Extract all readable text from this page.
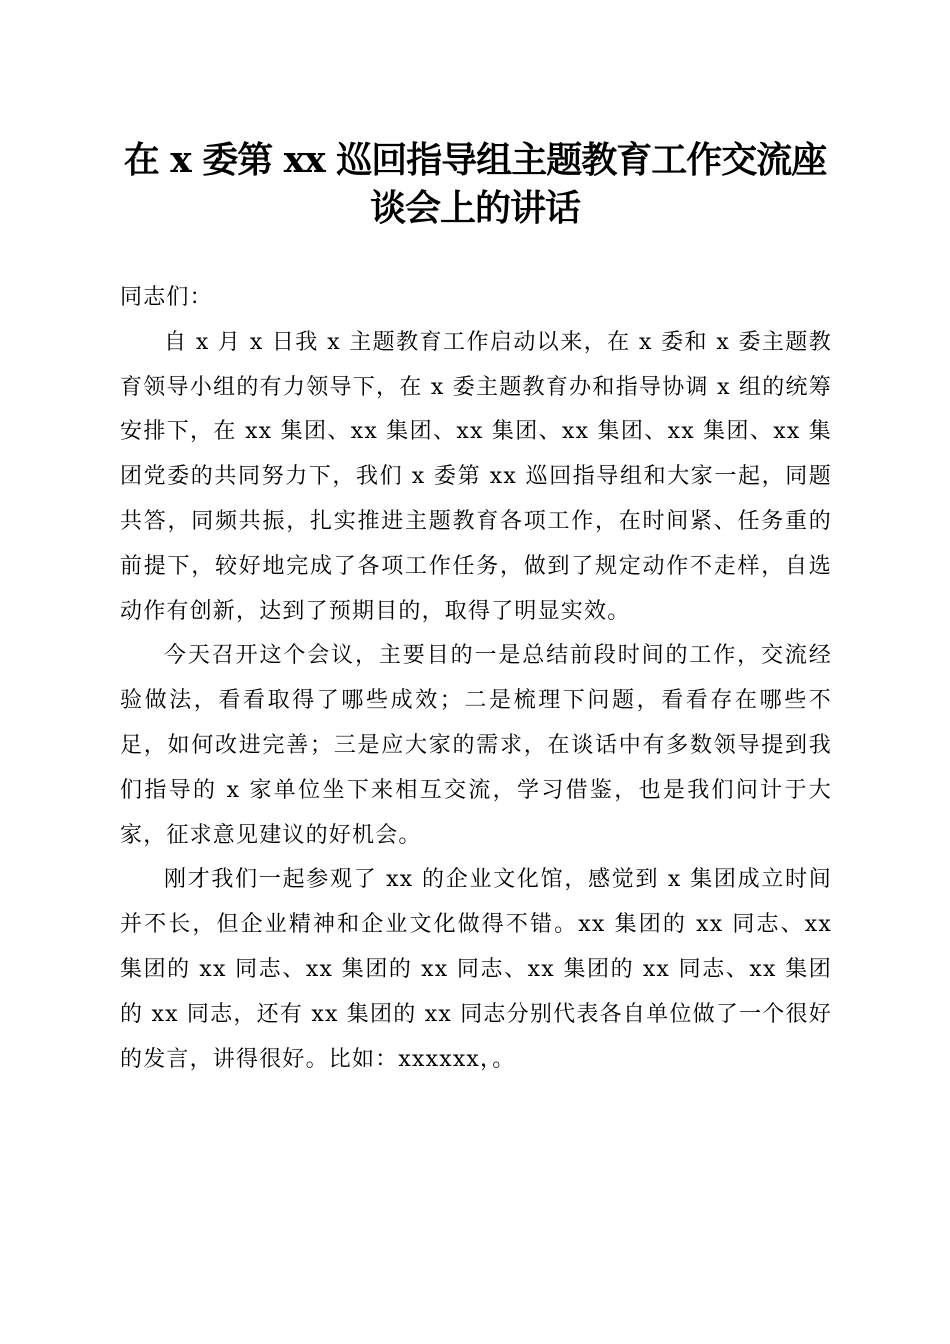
在 x 委第 xx 巡回指导组主题教育工作交流座
谈会上的讲话

同志们：

自 x 月 x 日我 x 主题教育工作启动以来，在 x 委和 x 委主题教育领导小组的有力领导下，在 x 委主题教育办和指导协调 x 组的统筹安排下，在 xx 集团、xx 集团、xx 集团、xx 集团、xx 集团、xx 集团党委的共同努力下，我们 x 委第 xx 巡回指导组和大家一起，同题共答，同频共振，扎实推进主题教育各项工作，在时间紧、任务重的前提下，较好地完成了各项工作任务，做到了规定动作不走样，自选动作有创新，达到了预期目的，取得了明显实效。

今天召开这个会议，主要目的一是总结前段时间的工作，交流经验做法，看看取得了哪些成效；二是梳理下问题，看看存在哪些不足，如何改进完善；三是应大家的需求，在谈话中有多数领导提到我们指导的 x 家单位坐下来相互交流，学习借鉴，也是我们问计于大家，征求意见建议的好机会。

刚才我们一起参观了 xx 的企业文化馆，感觉到 x 集团成立时间并不长，但企业精神和企业文化做得不错。xx 集团的 xx 同志、xx 集团的 xx 同志、xx 集团的 xx 同志、xx 集团的 xx 同志、xx 集团的 xx 同志，还有 xx 集团的 xx 同志分别代表各自单位做了一个很好的发言，讲得很好。比如：xxxxxx，。
